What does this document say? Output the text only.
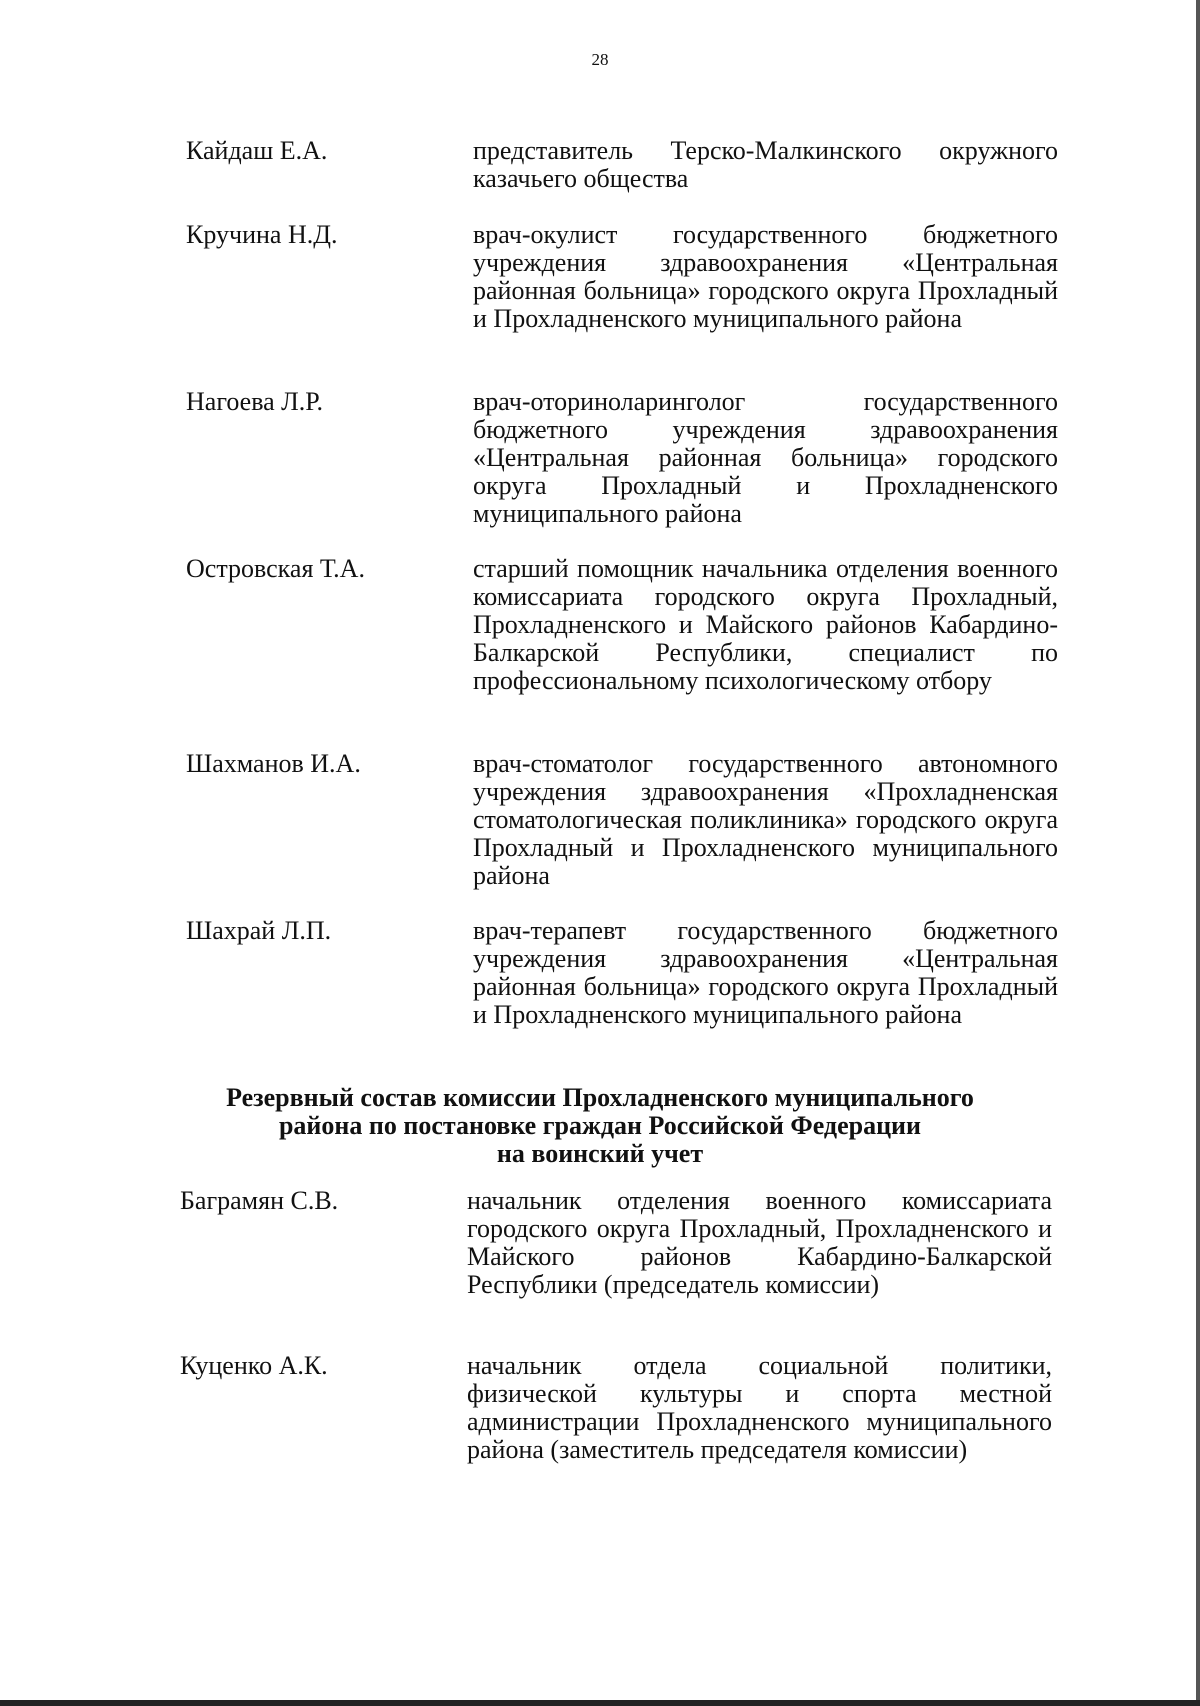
28
Кайдаш Е.А.	представитель Терско-Малкинского окружного казачьего общества
Кручина Н.Д.	врач-окулист государственного бюджетного учреждения здравоохранения «Центральная районная больница» городского округа Прохладный и Прохладненского муниципального района
Нагоева Л.Р.	врач-оториноларинголог государственного бюджетного учреждения здравоохранения «Центральная районная больница» городского округа Прохладный и Прохладненского муниципального района
Островская Т.А.	старший помощник начальника отделения военного комиссариата городского округа Прохладный, Прохладненского и Майского районов Кабардино-Балкарской Республики, специалист по профессиональному психологическому отбору
Шахманов И.А.	врач-стоматолог государственного автономного учреждения здравоохранения «Прохладненская стоматологическая поликлиника» городского округа Прохладный и Прохладненского муниципального района
Шахрай Л.П.	врач-терапевт государственного бюджетного учреждения здравоохранения «Центральная районная больница» городского округа Прохладный и Прохладненского муниципального района
Резервный состав комиссии Прохладненского муниципального
района по постановке граждан Российской Федерации
на воинский учет
Баграмян С.В.	начальник отделения военного комиссариата городского округа Прохладный, Прохладненского и Майского районов Кабардино-Балкарской Республики (председатель комиссии)
Куценко А.К.	начальник отдела социальной политики, физической культуры и спорта местной администрации Прохладненского муниципального района (заместитель председателя комиссии)
